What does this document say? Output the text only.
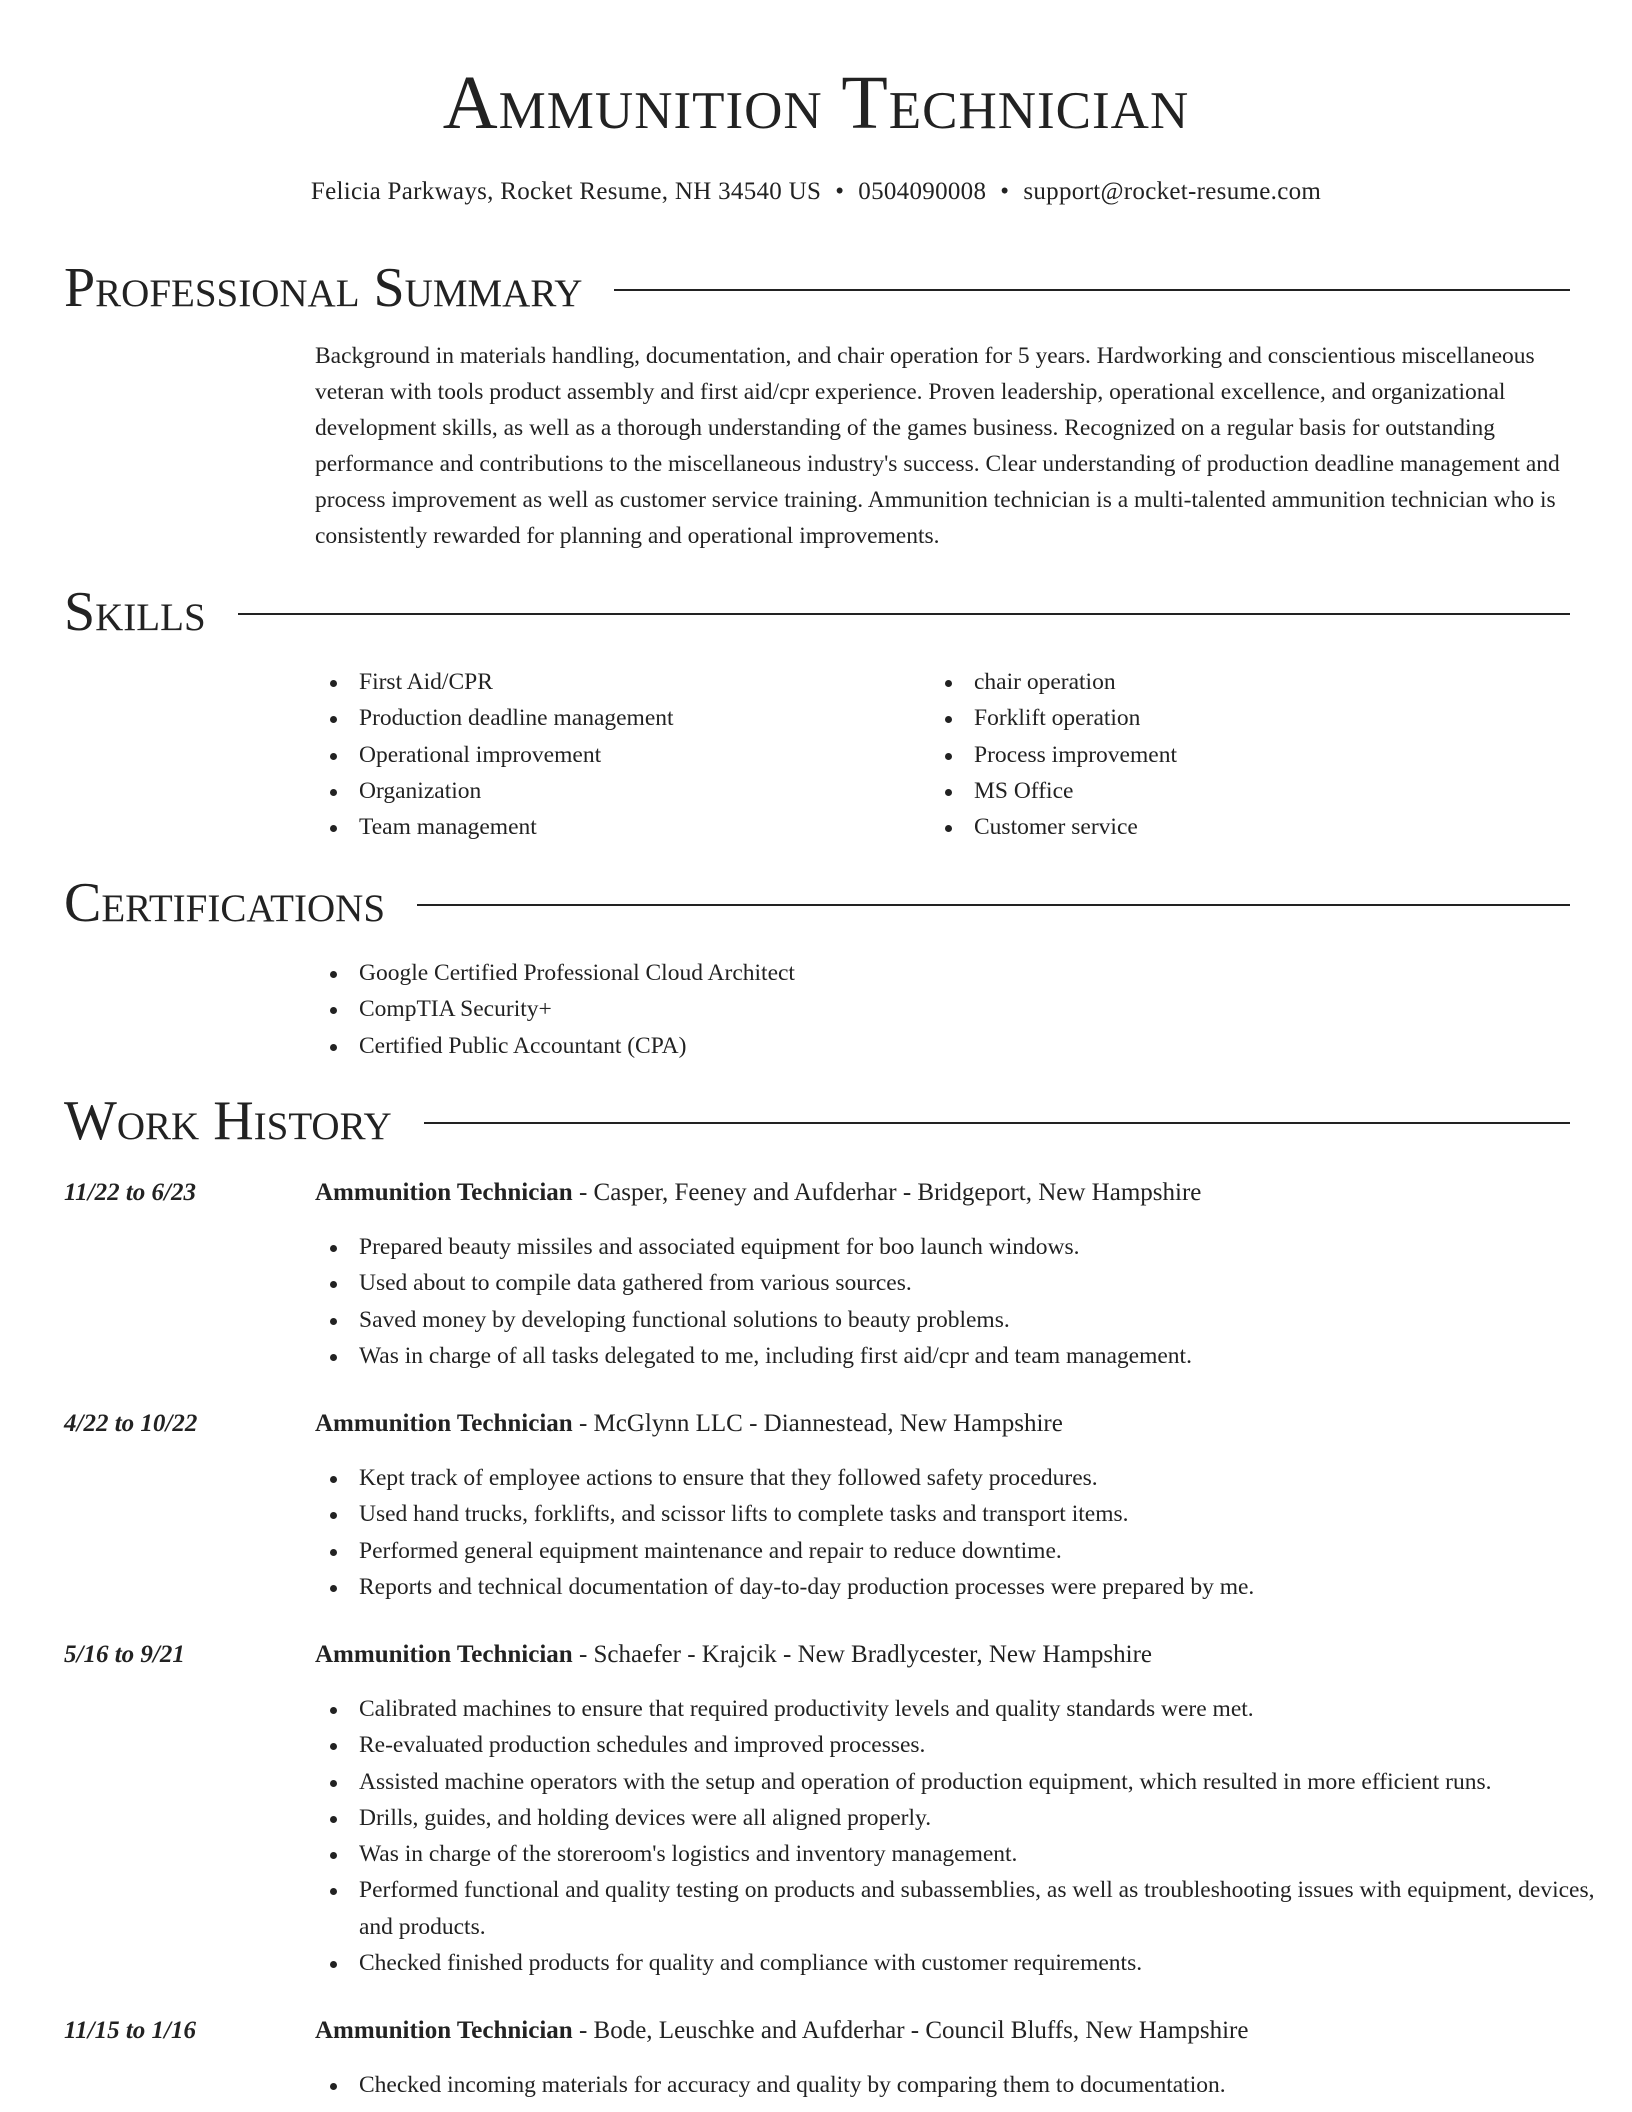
Ammunition Technician
Felicia Parkways, Rocket Resume, NH 34540 US • 0504090008 • support@rocket-resume.com
Professional Summary

Background in materials handling, documentation, and chair operation for 5 years. Hardworking and conscientious miscellaneous veteran with tools product assembly and first aid/cpr experience. Proven leadership, operational excellence, and organizational development skills, as well as a thorough understanding of the games business. Recognized on a regular basis for outstanding performance and contributions to the miscellaneous industry's success. Clear understanding of production deadline management and process improvement as well as customer service training. Ammunition technician is a multi-talented ammunition technician who is consistently rewarded for planning and operational improvements.

Skills
First Aid/CPR
Production deadline management
Operational improvement
Organization
Team management
chair operation
Forklift operation
Process improvement
MS Office
Customer service
Certifications
Google Certified Professional Cloud Architect
CompTIA Security+
Certified Public Accountant (CPA)
Work History
11/22 to 6/23	Ammunition Technician - Casper, Feeney and Aufderhar - Bridgeport, New Hampshire
Prepared beauty missiles and associated equipment for boo launch windows.
Used about to compile data gathered from various sources.
Saved money by developing functional solutions to beauty problems.
Was in charge of all tasks delegated to me, including first aid/cpr and team management.
4/22 to 10/22	Ammunition Technician - McGlynn LLC - Diannestead, New Hampshire
Kept track of employee actions to ensure that they followed safety procedures.
Used hand trucks, forklifts, and scissor lifts to complete tasks and transport items.
Performed general equipment maintenance and repair to reduce downtime.
Reports and technical documentation of day-to-day production processes were prepared by me.
5/16 to 9/21	Ammunition Technician - Schaefer - Krajcik - New Bradlycester, New Hampshire
Calibrated machines to ensure that required productivity levels and quality standards were met.
Re-evaluated production schedules and improved processes.
Assisted machine operators with the setup and operation of production equipment, which resulted in more efficient runs.
Drills, guides, and holding devices were all aligned properly.
Was in charge of the storeroom's logistics and inventory management.
Performed functional and quality testing on products and subassemblies, as well as troubleshooting issues with equipment, devices, and products.
Checked finished products for quality and compliance with customer requirements.
11/15 to 1/16	Ammunition Technician - Bode, Leuschke and Aufderhar - Council Bluffs, New Hampshire
Checked incoming materials for accuracy and quality by comparing them to documentation.
